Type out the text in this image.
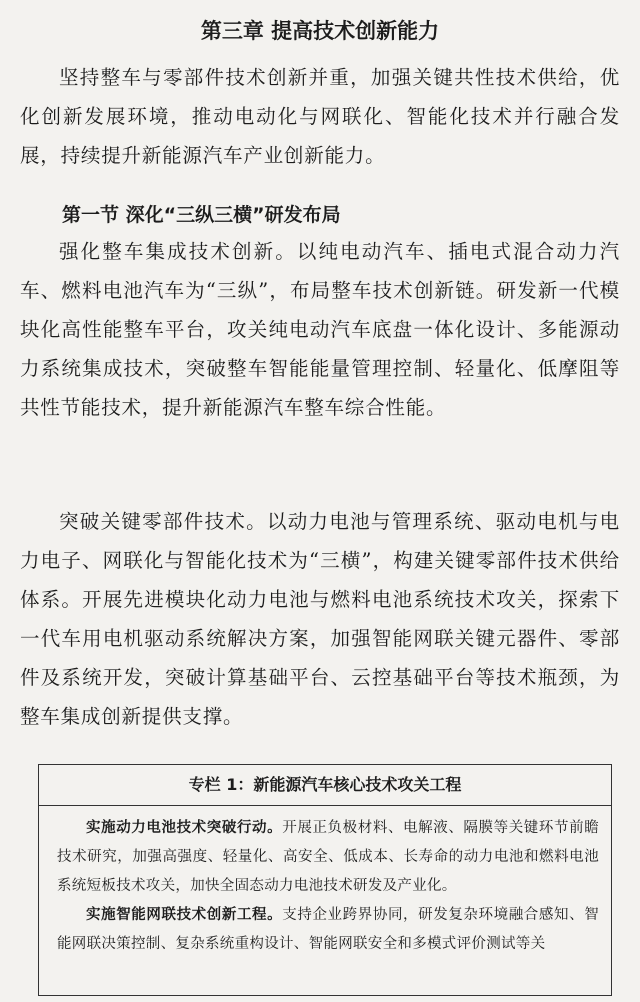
第三章 提高技术创新能力

坚持整车与零部件技术创新并重，加强关键共性技术供给，优化创新发展环境，推动电动化与网联化、智能化技术并行融合发展，持续提升新能源汽车产业创新能力。

第一节 深化“三纵三横”研发布局

强化整车集成技术创新。以纯电动汽车、插电式混合动力汽车、燃料电池汽车为“三纵”，布局整车技术创新链。研发新一代模块化高性能整车平台，攻关纯电动汽车底盘一体化设计、多能源动力系统集成技术，突破整车智能能量管理控制、轻量化、低摩阻等共性节能技术，提升新能源汽车整车综合性能。

突破关键零部件技术。以动力电池与管理系统、驱动电机与电力电子、网联化与智能化技术为“三横”，构建关键零部件技术供给体系。开展先进模块化动力电池与燃料电池系统技术攻关，探索下一代车用电机驱动系统解决方案，加强智能网联关键元器件、零部件及系统开发，突破计算基础平台、云控基础平台等技术瓶颈，为整车集成创新提供支撑。

专栏 1：新能源汽车核心技术攻关工程

实施动力电池技术突破行动。开展正负极材料、电解液、隔膜等关键环节前瞻技术研究，加强高强度、轻量化、高安全、低成本、长寿命的动力电池和燃料电池系统短板技术攻关，加快全固态动力电池技术研发及产业化。

实施智能网联技术创新工程。支持企业跨界协同，研发复杂环境融合感知、智能网联决策控制、复杂系统重构设计、智能网联安全和多模式评价测试等关
